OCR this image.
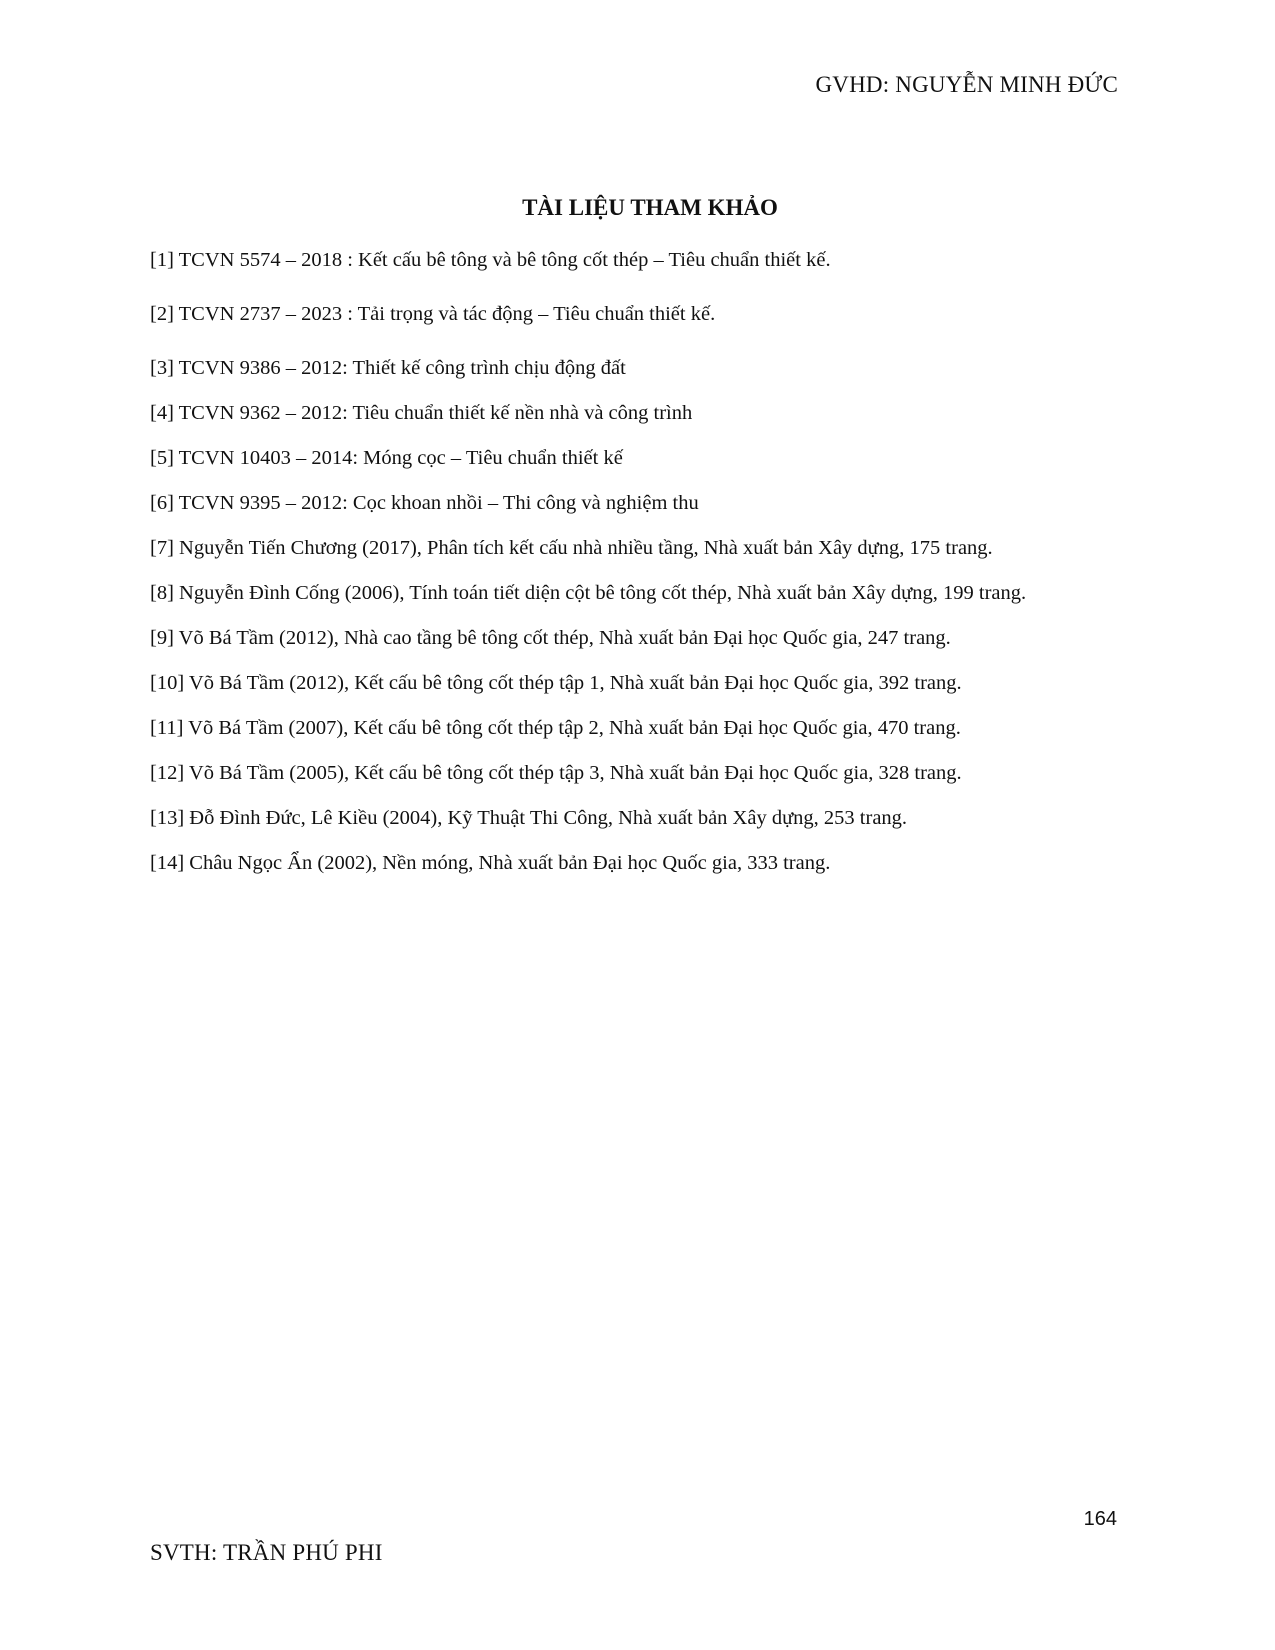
GVHD: NGUYỄN MINH ĐỨC
TÀI LIỆU THAM KHẢO

[1] TCVN 5574 – 2018 : Kết cấu bê tông và bê tông cốt thép – Tiêu chuẩn thiết kế.

[2] TCVN 2737 – 2023 : Tải trọng và tác động – Tiêu chuẩn thiết kế.

[3] TCVN 9386 – 2012: Thiết kế công trình chịu động đất

[4] TCVN 9362 – 2012: Tiêu chuẩn thiết kế nền nhà và công trình

[5] TCVN 10403 – 2014: Móng cọc – Tiêu chuẩn thiết kế

[6] TCVN 9395 – 2012: Cọc khoan nhồi – Thi công và nghiệm thu

[7] Nguyễn Tiến Chương (2017), Phân tích kết cấu nhà nhiều tầng, Nhà xuất bản Xây dựng, 175 trang.

[8] Nguyễn Đình Cống (2006), Tính toán tiết diện cột bê tông cốt thép, Nhà xuất bản Xây dựng, 199 trang.

[9] Võ Bá Tầm (2012), Nhà cao tầng bê tông cốt thép, Nhà xuất bản Đại học Quốc gia, 247 trang.

[10] Võ Bá Tầm (2012), Kết cấu bê tông cốt thép tập 1, Nhà xuất bản Đại học Quốc gia, 392 trang.

[11] Võ Bá Tầm (2007), Kết cấu bê tông cốt thép tập 2, Nhà xuất bản Đại học Quốc gia, 470 trang.

[12] Võ Bá Tầm (2005), Kết cấu bê tông cốt thép tập 3, Nhà xuất bản Đại học Quốc gia, 328 trang.

[13] Đỗ Đình Đức, Lê Kiều (2004), Kỹ Thuật Thi Công, Nhà xuất bản Xây dựng, 253 trang.

[14] Châu Ngọc Ẩn (2002), Nền móng, Nhà xuất bản Đại học Quốc gia, 333 trang.

164
SVTH: TRẦN PHÚ PHI
